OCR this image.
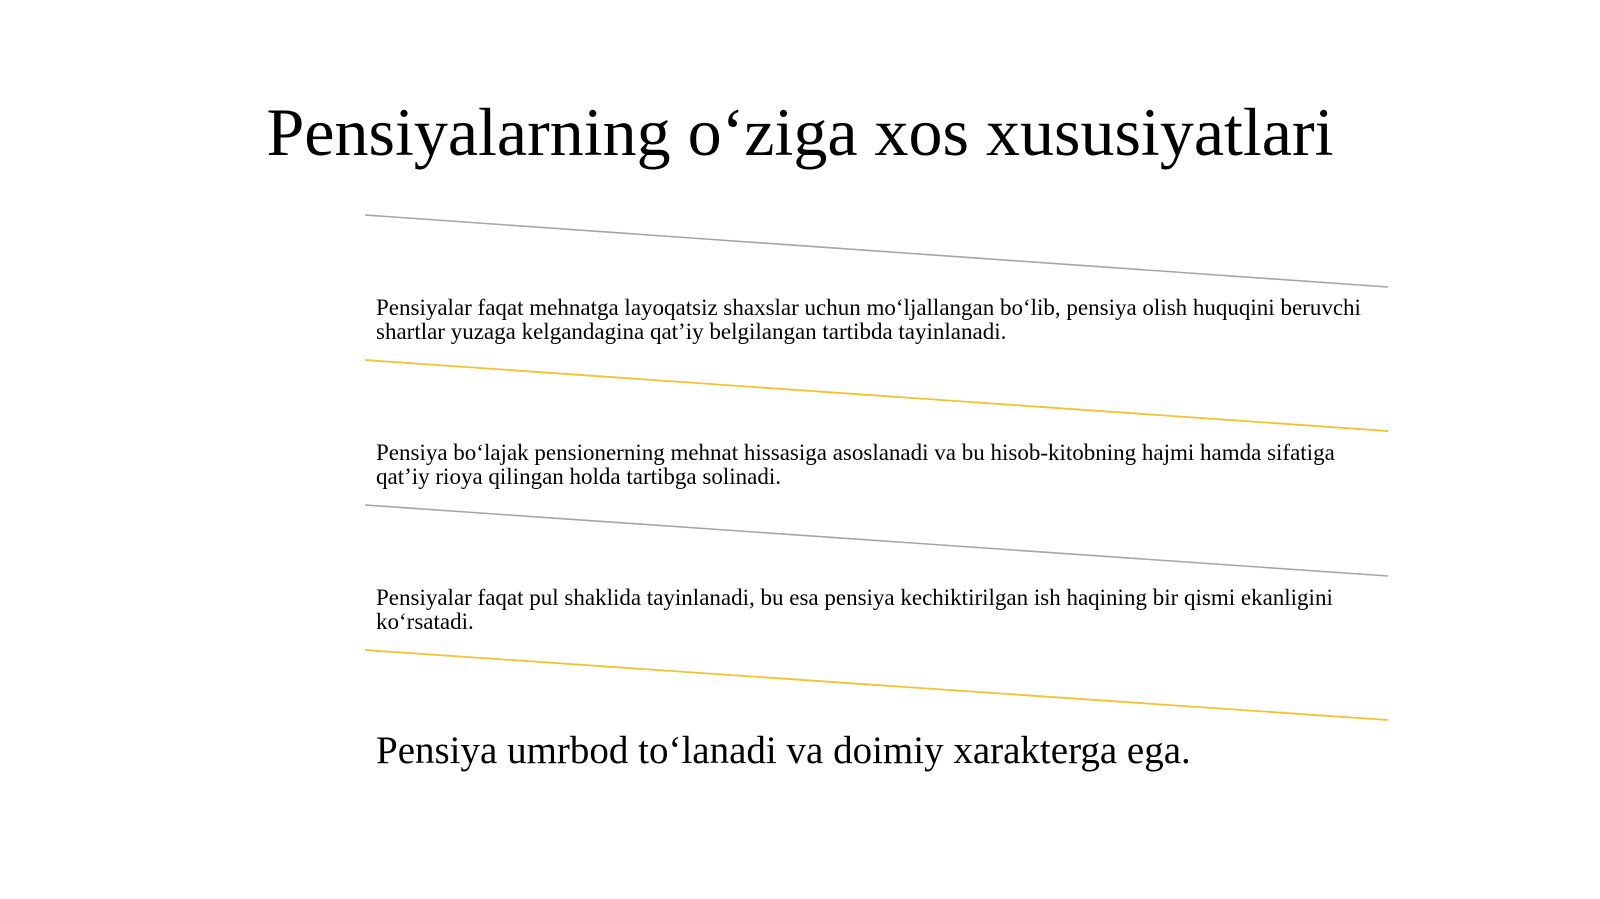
Pensiyalarning o‘ziga xos xususiyatlari

Pensiyalar faqat mehnatga layoqatsiz shaxslar uchun mo‘ljallangan bo‘lib, pensiya olish huquqini beruvchi shartlar yuzaga kelgandagina qat’iy belgilangan tartibda tayinlanadi.

Pensiya bo‘lajak pensionerning mehnat hissasiga asoslanadi va bu hisob-kitobning hajmi hamda sifatiga qat’iy rioya qilingan holda tartibga solinadi.

Pensiyalar faqat pul shaklida tayinlanadi, bu esa pensiya kechiktirilgan ish haqining bir qismi ekanligini ko‘rsatadi.

Pensiya umrbod to‘lanadi va doimiy xarakterga ega.
